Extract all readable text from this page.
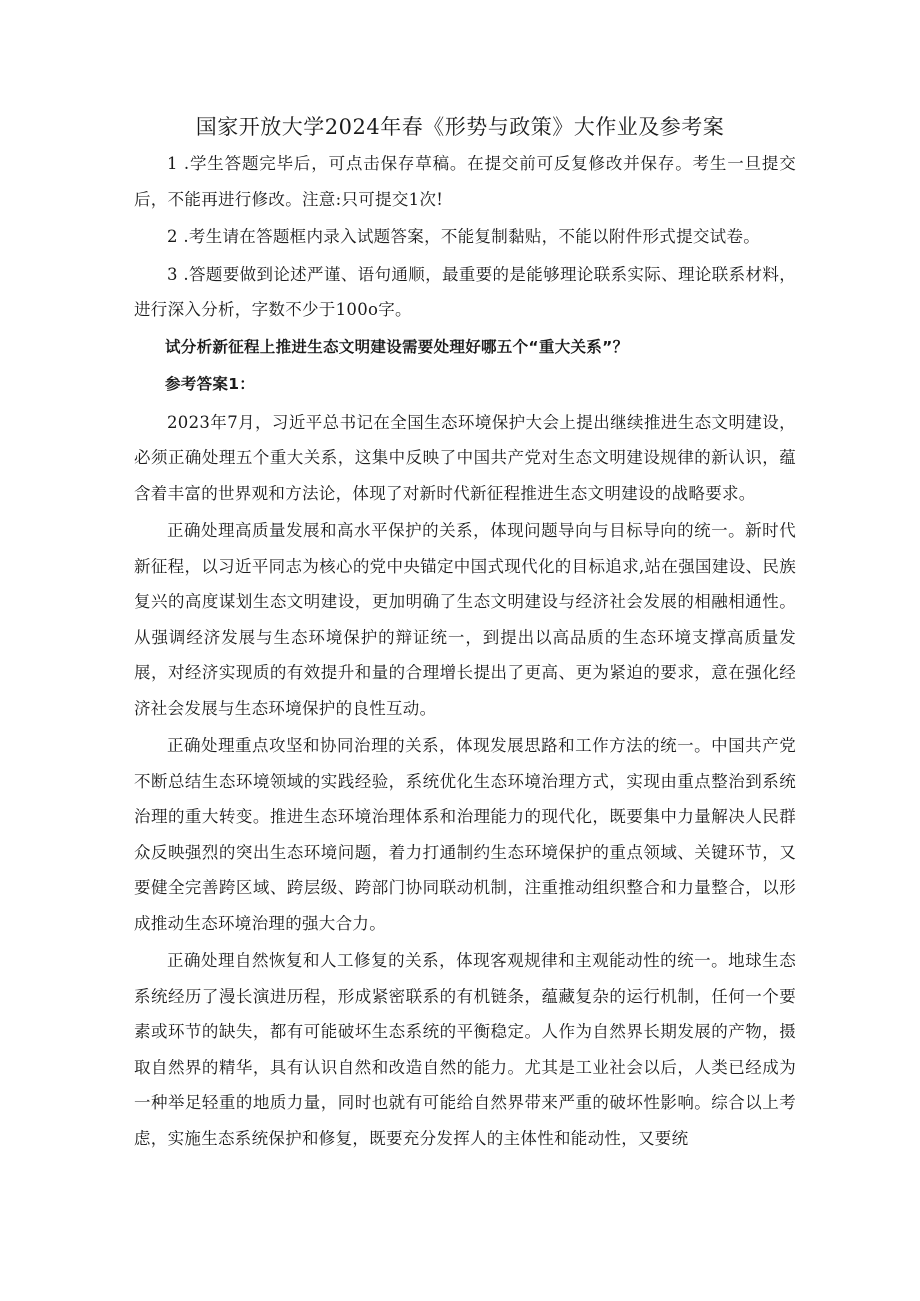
国家开放大学2024年春《形势与政策》大作业及参考案

1 .学生答题完毕后，可点击保存草稿。在提交前可反复修改并保存。考生一旦提交后，不能再进行修改。注意:只可提交1次!

2 .考生请在答题框内录入试题答案，不能复制黏贴，不能以附件形式提交试卷。

3 .答题要做到论述严谨、语句通顺，最重要的是能够理论联系实际、理论联系材料，进行深入分析，字数不少于100o字。

试分析新征程上推进生态文明建设需要处理好哪五个“重大关系”？

参考答案1：

2023年7月，习近平总书记在全国生态环境保护大会上提出继续推进生态文明建设，必须正确处理五个重大关系，这集中反映了中国共产党对生态文明建设规律的新认识，蕴含着丰富的世界观和方法论，体现了对新时代新征程推进生态文明建设的战略要求。

正确处理高质量发展和高水平保护的关系，体现问题导向与目标导向的统一。新时代新征程，以习近平同志为核心的党中央锚定中国式现代化的目标追求,站在强国建设、民族复兴的高度谋划生态文明建设，更加明确了生态文明建设与经济社会发展的相融相通性。从强调经济发展与生态环境保护的辩证统一，到提出以高品质的生态环境支撑高质量发展，对经济实现质的有效提升和量的合理增长提出了更高、更为紧迫的要求，意在强化经济社会发展与生态环境保护的良性互动。

正确处理重点攻坚和协同治理的关系，体现发展思路和工作方法的统一。中国共产党不断总结生态环境领域的实践经验，系统优化生态环境治理方式，实现由重点整治到系统治理的重大转变。推进生态环境治理体系和治理能力的现代化，既要集中力量解决人民群众反映强烈的突出生态环境问题，着力打通制约生态环境保护的重点领域、关键环节，又要健全完善跨区域、跨层级、跨部门协同联动机制，注重推动组织整合和力量整合，以形成推动生态环境治理的强大合力。

正确处理自然恢复和人工修复的关系，体现客观规律和主观能动性的统一。地球生态系统经历了漫长演进历程，形成紧密联系的有机链条，蕴藏复杂的运行机制，任何一个要素或环节的缺失，都有可能破坏生态系统的平衡稳定。人作为自然界长期发展的产物，摄取自然界的精华，具有认识自然和改造自然的能力。尤其是工业社会以后，人类已经成为一种举足轻重的地质力量，同时也就有可能给自然界带来严重的破坏性影响。综合以上考虑，实施生态系统保护和修复，既要充分发挥人的主体性和能动性，又要统
